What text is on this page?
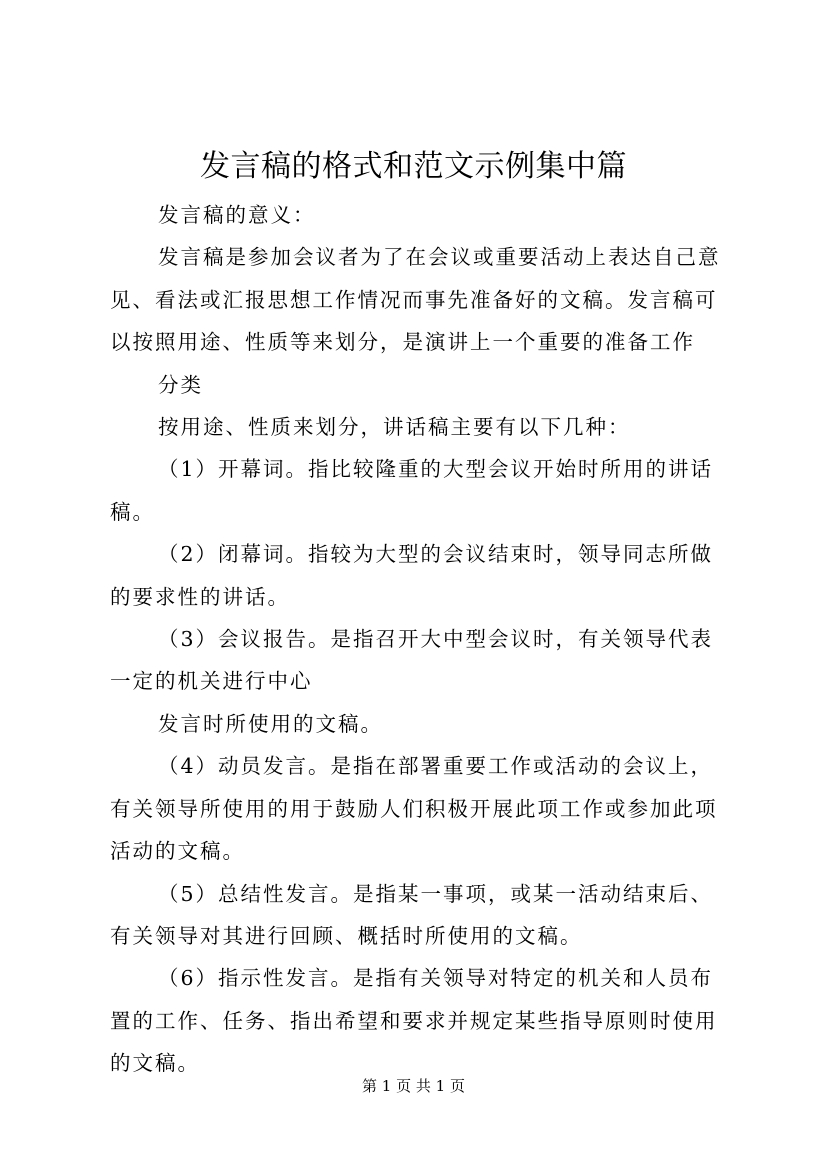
发言稿的格式和范文示例集中篇

发言稿的意义：

发言稿是参加会议者为了在会议或重要活动上表达自己意见、看法或汇报思想工作情况而事先准备好的文稿。发言稿可以按照用途、性质等来划分，是演讲上一个重要的准备工作

分类

按用途、性质来划分，讲话稿主要有以下几种：

（1）开幕词。指比较隆重的大型会议开始时所用的讲话稿。

（2）闭幕词。指较为大型的会议结束时，领导同志所做的要求性的讲话。

（3）会议报告。是指召开大中型会议时，有关领导代表一定的机关进行中心

发言时所使用的文稿。

（4）动员发言。是指在部署重要工作或活动的会议上，有关领导所使用的用于鼓励人们积极开展此项工作或参加此项活动的文稿。

（5）总结性发言。是指某一事项，或某一活动结束后、有关领导对其进行回顾、概括时所使用的文稿。

（6）指示性发言。是指有关领导对特定的机关和人员布置的工作、任务、指出希望和要求并规定某些指导原则时使用的文稿。

第 1 页 共 1 页
